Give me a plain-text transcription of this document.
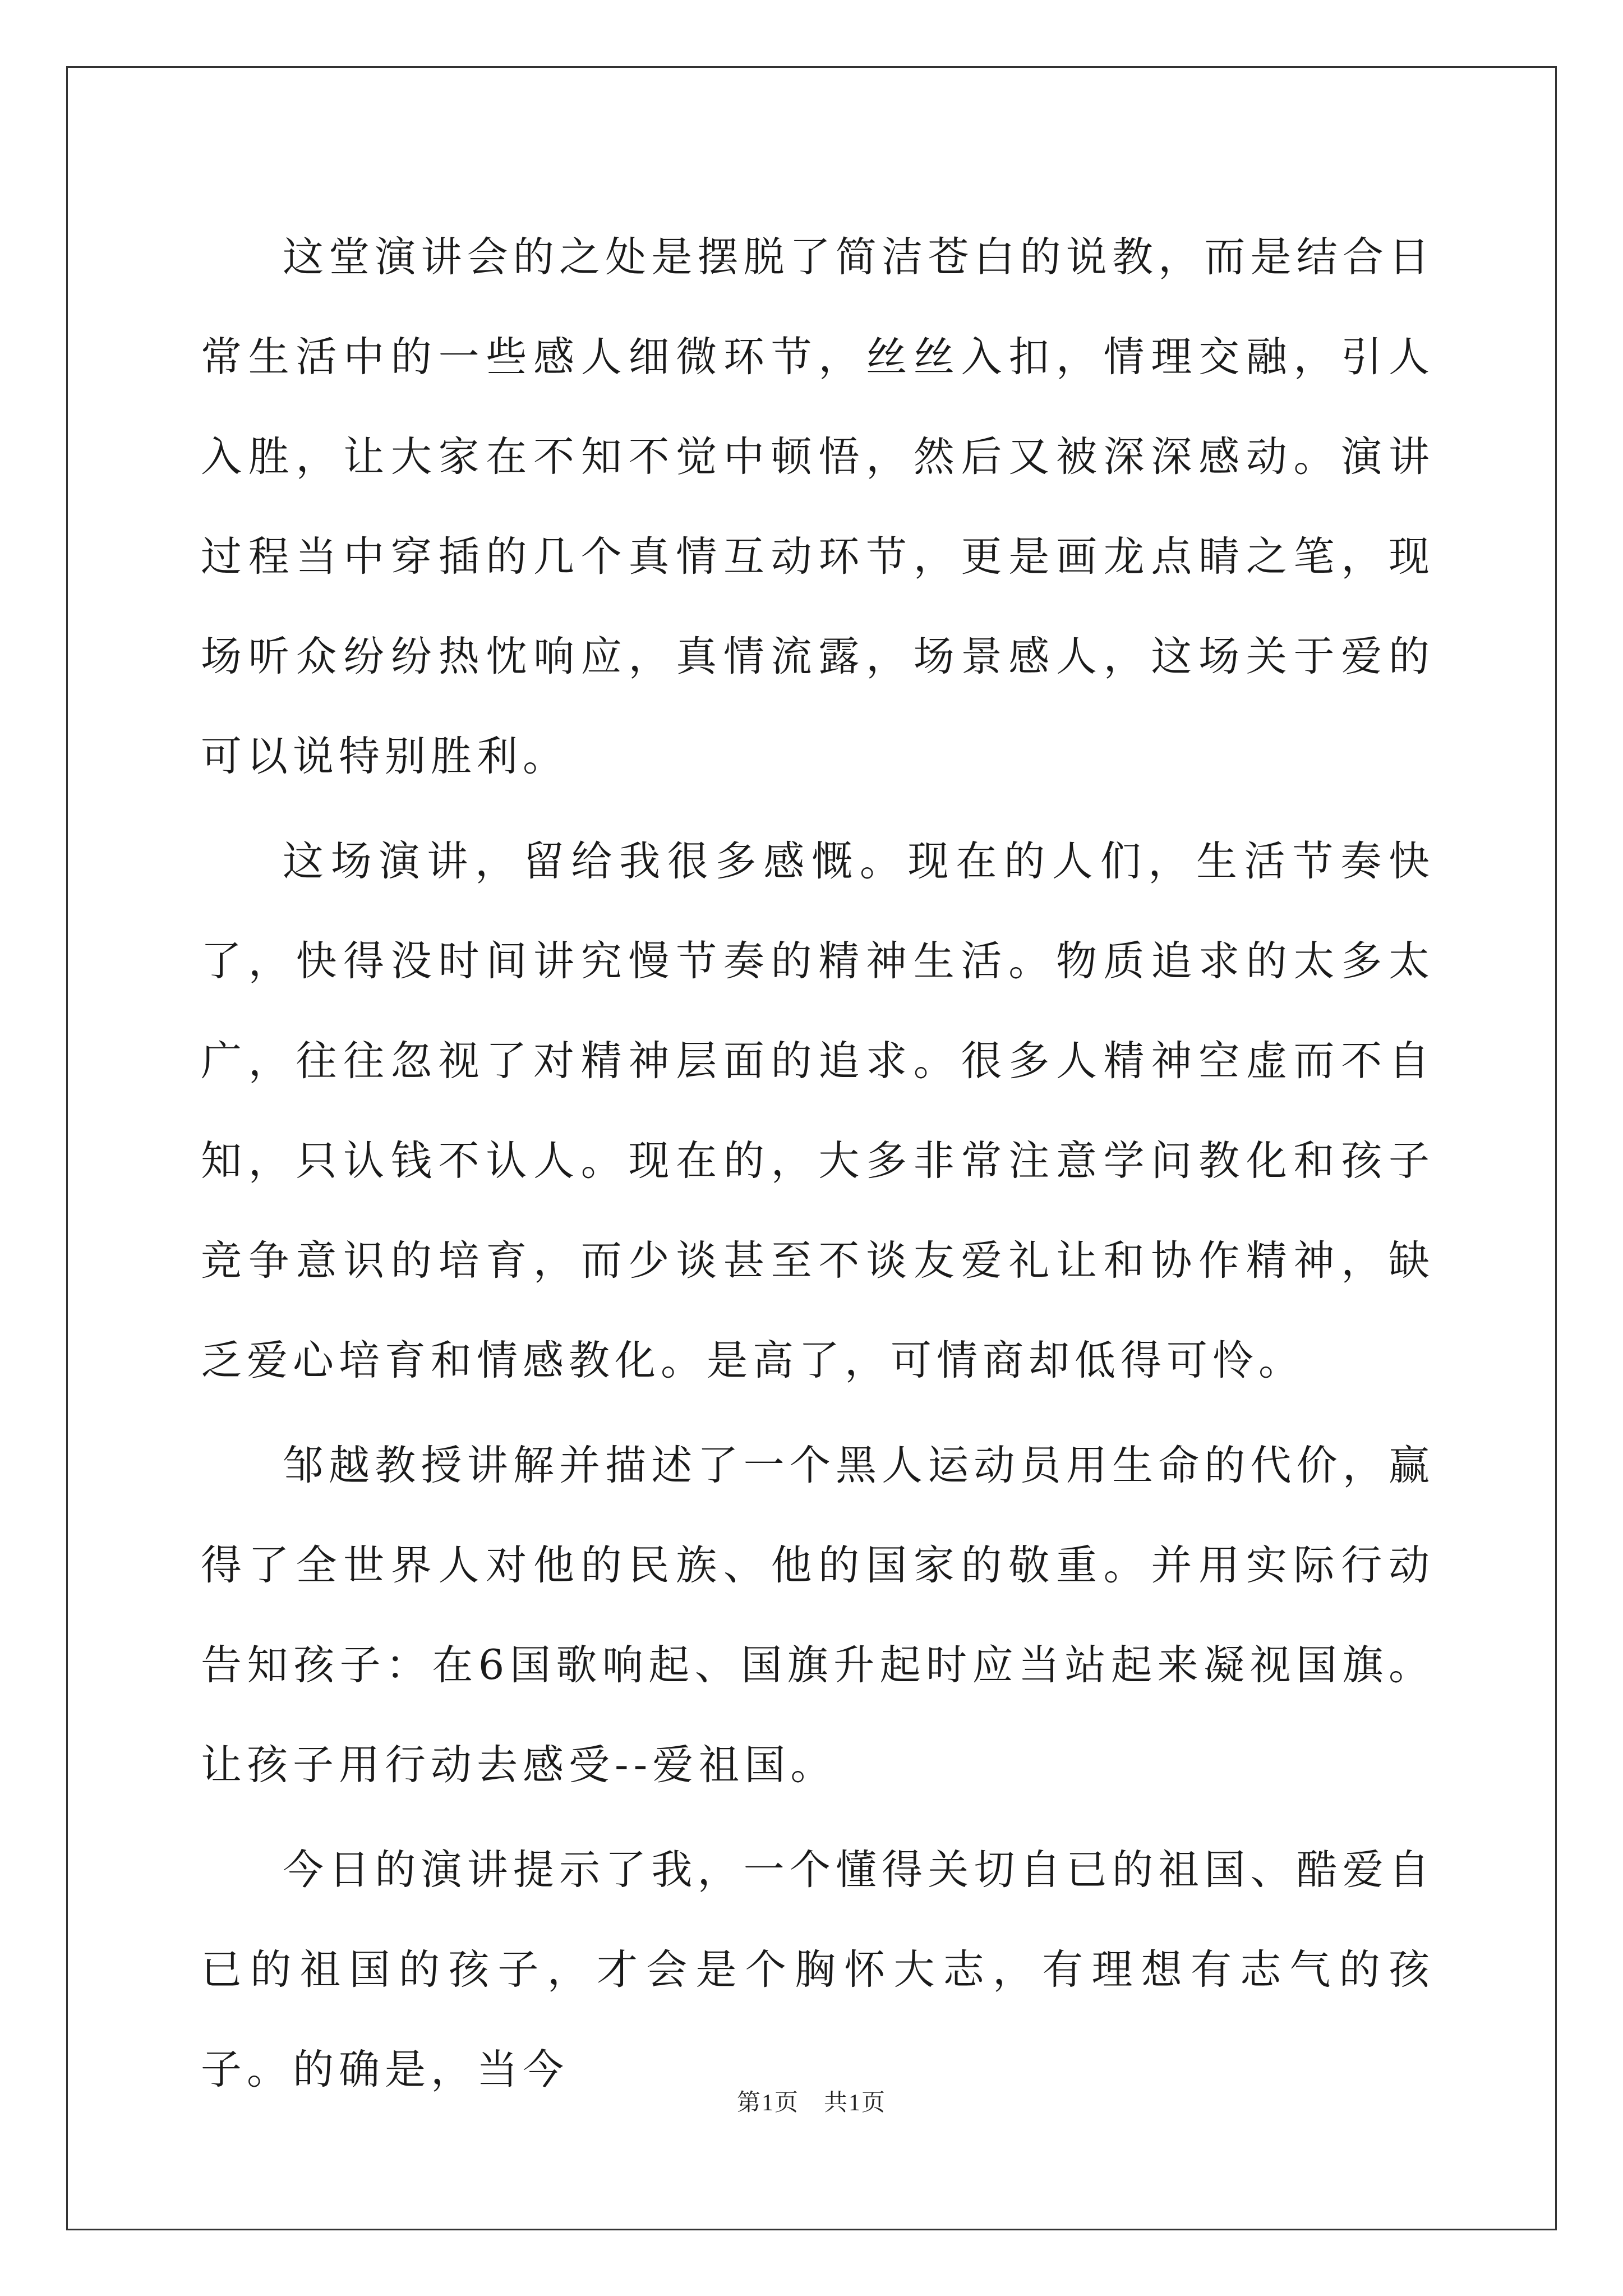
这堂演讲会的之处是摆脱了简洁苍白的说教，而是结合日常生活中的一些感人细微环节，丝丝入扣，情理交融，引人入胜，让大家在不知不觉中顿悟，然后又被深深感动。演讲过程当中穿插的几个真情互动环节，更是画龙点睛之笔，现场听众纷纷热忱响应，真情流露，场景感人，这场关于爱的可以说特别胜利。

这场演讲，留给我很多感慨。现在的人们，生活节奏快了，快得没时间讲究慢节奏的精神生活。物质追求的太多太广，往往忽视了对精神层面的追求。很多人精神空虚而不自知，只认钱不认人。现在的，大多非常注意学问教化和孩子竞争意识的培育，而少谈甚至不谈友爱礼让和协作精神，缺乏爱心培育和情感教化。是高了，可情商却低得可怜。

邹越教授讲解并描述了一个黑人运动员用生命的代价，赢得了全世界人对他的民族、他的国家的敬重。并用实际行动告知孩子：在6国歌响起、国旗升起时应当站起来凝视国旗。让孩子用行动去感受--爱祖国。

今日的演讲提示了我，一个懂得关切自已的祖国、酷爱自已的祖国的孩子，才会是个胸怀大志，有理想有志气的孩子。的确是，当今

第1页　共1页
